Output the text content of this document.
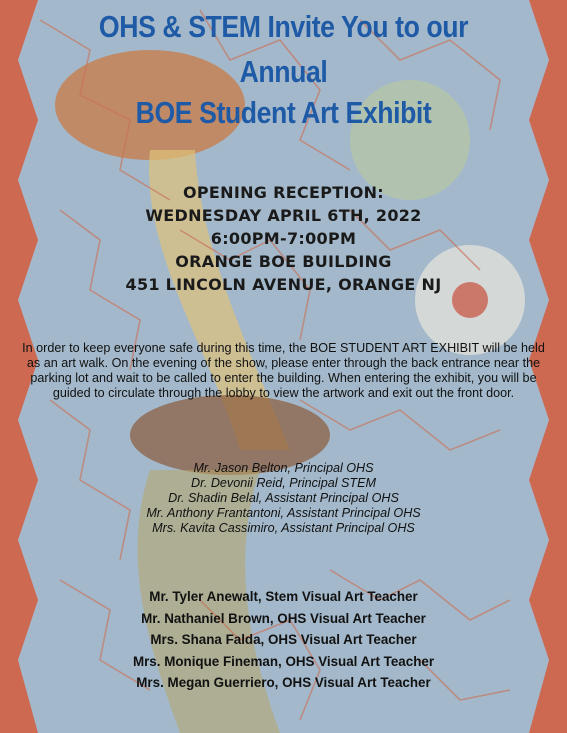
OHS & STEM Invite You to our
Annual
BOE Student Art Exhibit
OPENING RECEPTION:
WEDNESDAY APRIL 6TH, 2022
6:00PM-7:00PM
ORANGE BOE BUILDING
451 LINCOLN AVENUE, ORANGE NJ
In order to keep everyone safe during this time, the BOE STUDENT ART EXHIBIT will be held as an art walk. On the evening of the show, please enter through the back entrance near the parking lot and wait to be called to enter the building. When entering the exhibit, you will be guided to circulate through the lobby to view the artwork and exit out the front door.
Mr. Jason Belton, Principal OHS
Dr. Devonii Reid, Principal STEM
Dr. Shadin Belal, Assistant Principal OHS
Mr. Anthony Frantantoni, Assistant Principal OHS
Mrs. Kavita Cassimiro, Assistant Principal OHS
Mr. Tyler Anewalt, Stem Visual Art Teacher
Mr. Nathaniel Brown, OHS Visual Art Teacher
Mrs. Shana Falda, OHS Visual Art Teacher
Mrs. Monique Fineman, OHS Visual Art Teacher
Mrs. Megan Guerriero, OHS Visual Art Teacher
